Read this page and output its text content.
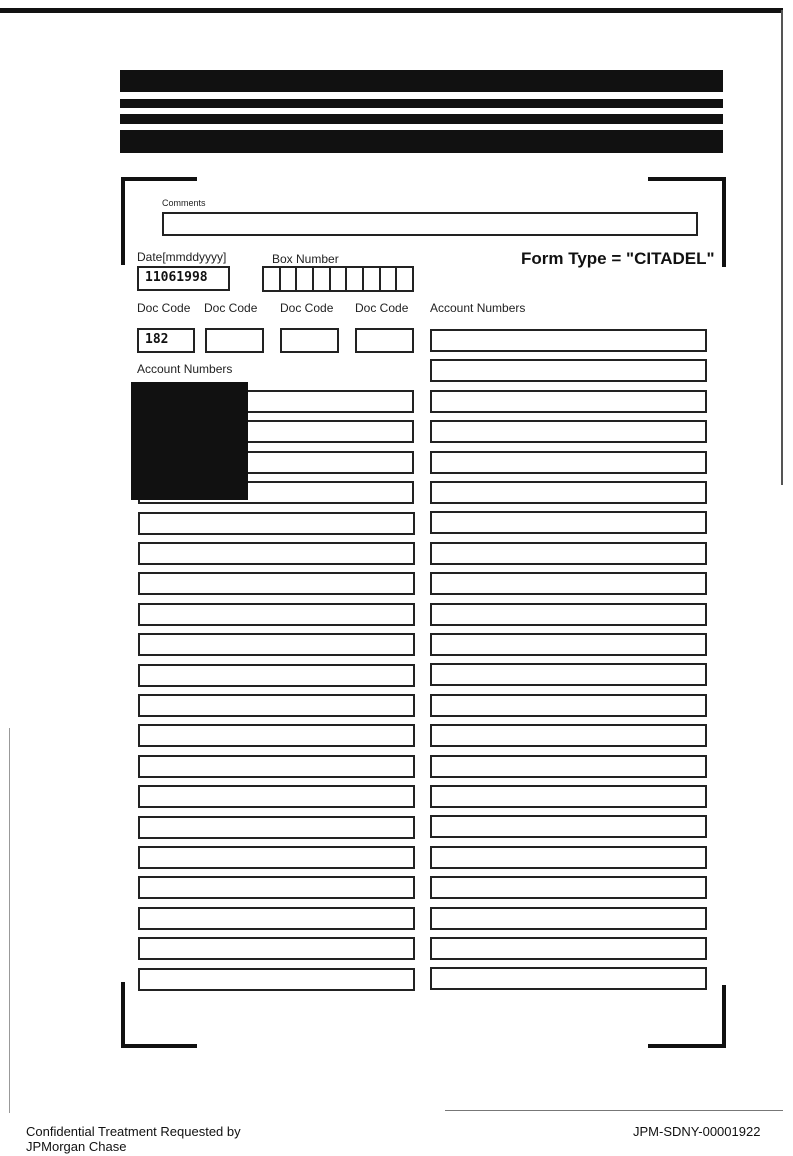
Comments
Date[mmddyyyy]
11061998
Box Number	Form Type = "CITADEL"
Doc Code Doc Code Doc Code Doc Code Account Numbers
182
Account Numbers
Confidential Treatment Requested by
JPMorgan Chase
JPM-SDNY-00001922
